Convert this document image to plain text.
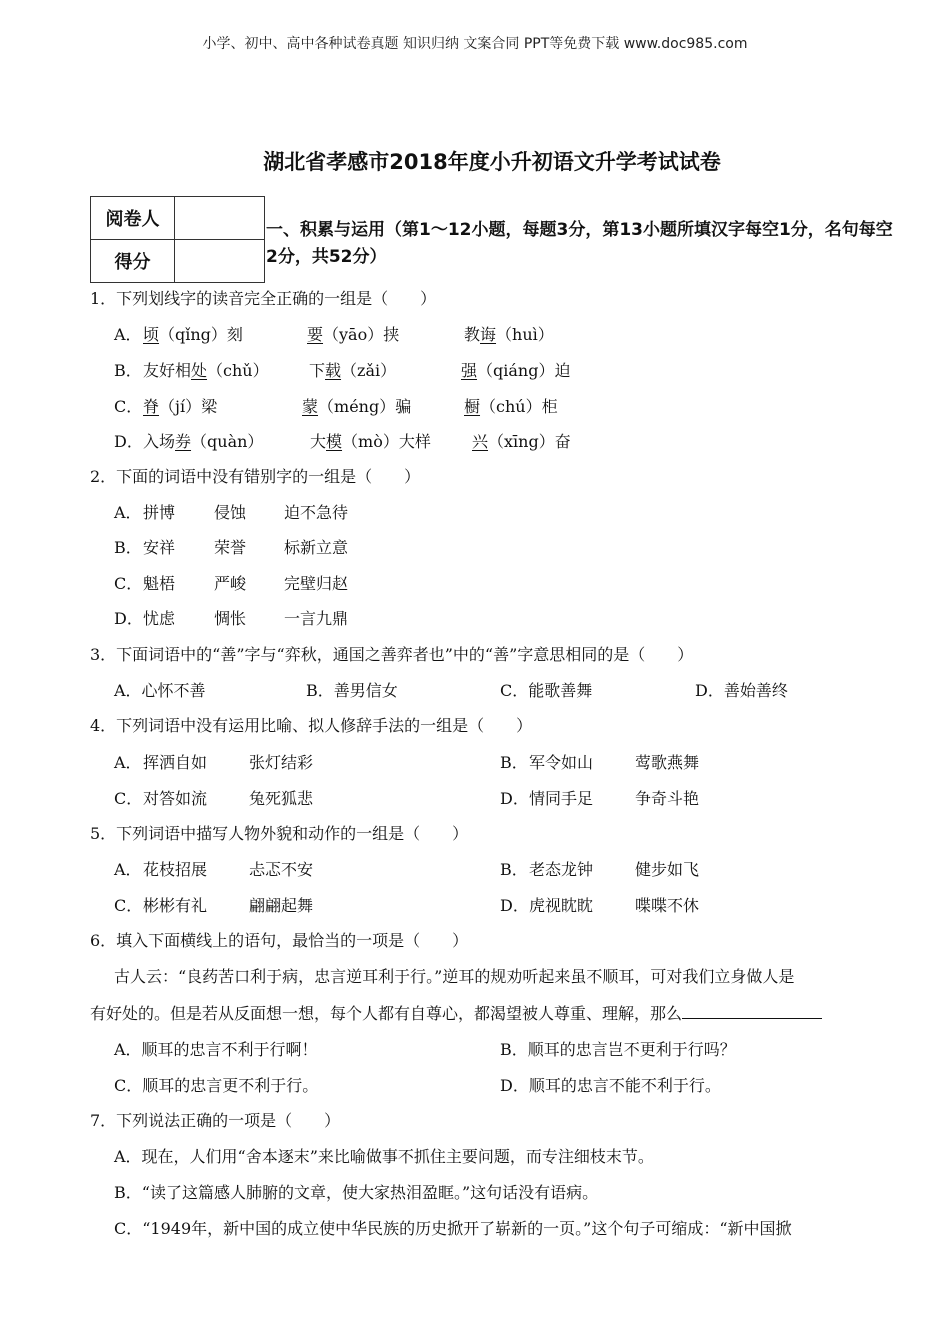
小学、初中、高中各种试卷真题 知识归纳 文案合同 PPT等免费下载 www.doc985.com
湖北省孝感市2018年度小升初语文升学考试试卷
阅卷人	
得分	
一、积累与运用（第1～12小题，每题3分，第13小题所填汉字每空1分，名句每空2分，共52分）
1．下列划线字的读音完全正确的一组是（　　）
A． 顷（qǐng）刻	要（yāo）挟	教诲（huì）
B． 友好相处（chǔ）	下载（zǎi）	强（qiáng）迫
C． 脊（jí）梁	蒙（méng）骗	橱（chú）柜
D． 入场券（quàn）	大模（mò）大样	兴（xīng）奋
2．下面的词语中没有错别字的一组是（　　）
A． 拼博 侵蚀 迫不急待
B． 安祥 荣誉 标新立意
C． 魁梧 严峻 完壁归赵
D． 忧虑 惆怅 一言九鼎
3．下面词语中的“善”字与“弈秋，通国之善弈者也”中的“善”字意思相同的是（　　）
A．心怀不善	B．善男信女	C．能歌善舞	D．善始善终
4．下列词语中没有运用比喻、拟人修辞手法的一组是（　　）
A． 挥洒自如	张灯结彩	B． 军令如山	莺歌燕舞
C． 对答如流	兔死狐悲	D． 情同手足	争奇斗艳
5．下列词语中描写人物外貌和动作的一组是（　　）
A． 花枝招展	忐忑不安	B． 老态龙钟	健步如飞
C． 彬彬有礼	翩翩起舞	D． 虎视眈眈	喋喋不休
6．填入下面横线上的语句，最恰当的一项是（　　）
古人云：“良药苦口利于病，忠言逆耳利于行。”逆耳的规劝听起来虽不顺耳，可对我们立身做人是
有好处的。但是若从反面想一想，每个人都有自尊心，都渴望被人尊重、理解，那么
A．顺耳的忠言不利于行啊！	B．顺耳的忠言岂不更利于行吗？
C．顺耳的忠言更不利于行。	D．顺耳的忠言不能不利于行。
7．下列说法正确的一项是（　　）
A．现在，人们用“舍本逐末”来比喻做事不抓住主要问题，而专注细枝末节。
B．“读了这篇感人肺腑的文章，使大家热泪盈眶。”这句话没有语病。
C．“1949年，新中国的成立使中华民族的历史掀开了崭新的一页。”这个句子可缩成：“新中国掀
